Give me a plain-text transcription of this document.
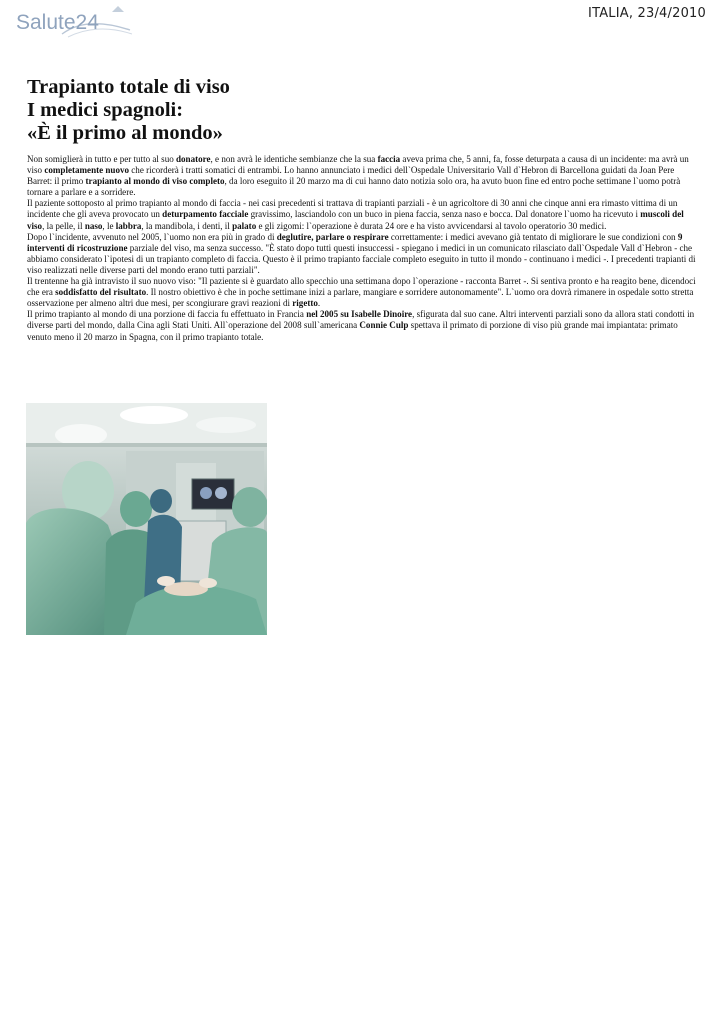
Salute24	ITALIA, 23/4/2010
Trapianto totale di viso
I medici spagnoli:
«È il primo al mondo»

Non somiglierà in tutto e per tutto al suo donatore, e non avrà le identiche sembianze che la sua faccia aveva prima che, 5 anni, fa, fosse deturpata a causa di un incidente: ma avrà un viso completamente nuovo che ricorderà i tratti somatici di entrambi. Lo hanno annunciato i medici dell`Ospedale Universitario Vall d`Hebron di Barcellona guidati da Joan Pere Barret: il primo trapianto al mondo di viso completo, da loro eseguito il 20 marzo ma di cui hanno dato notizia solo ora, ha avuto buon fine ed entro poche settimane l`uomo potrà tornare a parlare e a sorridere.

Il paziente sottoposto al primo trapianto al mondo di faccia - nei casi precedenti si trattava di trapianti parziali - è un agricoltore di 30 anni che cinque anni era rimasto vittima di un incidente che gli aveva provocato un deturpamento facciale gravissimo, lasciandolo con un buco in piena faccia, senza naso e bocca. Dal donatore l`uomo ha ricevuto i muscoli del viso, la pelle, il naso, le labbra, la mandibola, i denti, il palato e gli zigomi: l`operazione è durata 24 ore e ha visto avvicendarsi al tavolo operatorio 30 medici.

Dopo l`incidente, avvenuto nel 2005, l`uomo non era più in grado di deglutire, parlare o respirare correttamente: i medici avevano già tentato di migliorare le sue condizioni con 9 interventi di ricostruzione parziale del viso, ma senza successo. "È stato dopo tutti questi insuccessi - spiegano i medici in un comunicato rilasciato dall`Ospedale Vall d`Hebron - che abbiamo considerato l`ipotesi di un trapianto completo di faccia. Questo è il primo trapianto facciale completo eseguito in tutto il mondo - continuano i medici -. I precedenti trapianti di viso realizzati nelle diverse parti del mondo erano tutti parziali".

Il trentenne ha già intravisto il suo nuovo viso: "Il paziente si è guardato allo specchio una settimana dopo l`operazione - racconta Barret -. Si sentiva pronto e ha reagito bene, dicendoci che era soddisfatto del risultato. Il nostro obiettivo è che in poche settimane inizi a parlare, mangiare e sorridere autonomamente". L`uomo ora dovrà rimanere in ospedale sotto stretta osservazione per almeno altri due mesi, per scongiurare gravi reazioni di rigetto.

Il primo trapianto al mondo di una porzione di faccia fu effettuato in Francia nel 2005 su Isabelle Dinoire, sfigurata dal suo cane. Altri interventi parziali sono da allora stati condotti in diverse parti del mondo, dalla Cina agli Stati Uniti. All`operazione del 2008 sull`americana Connie Culp spettava il primato di porzione di viso più grande mai impiantata: primato venuto meno il 20 marzo in Spagna, con il primo trapianto totale.
